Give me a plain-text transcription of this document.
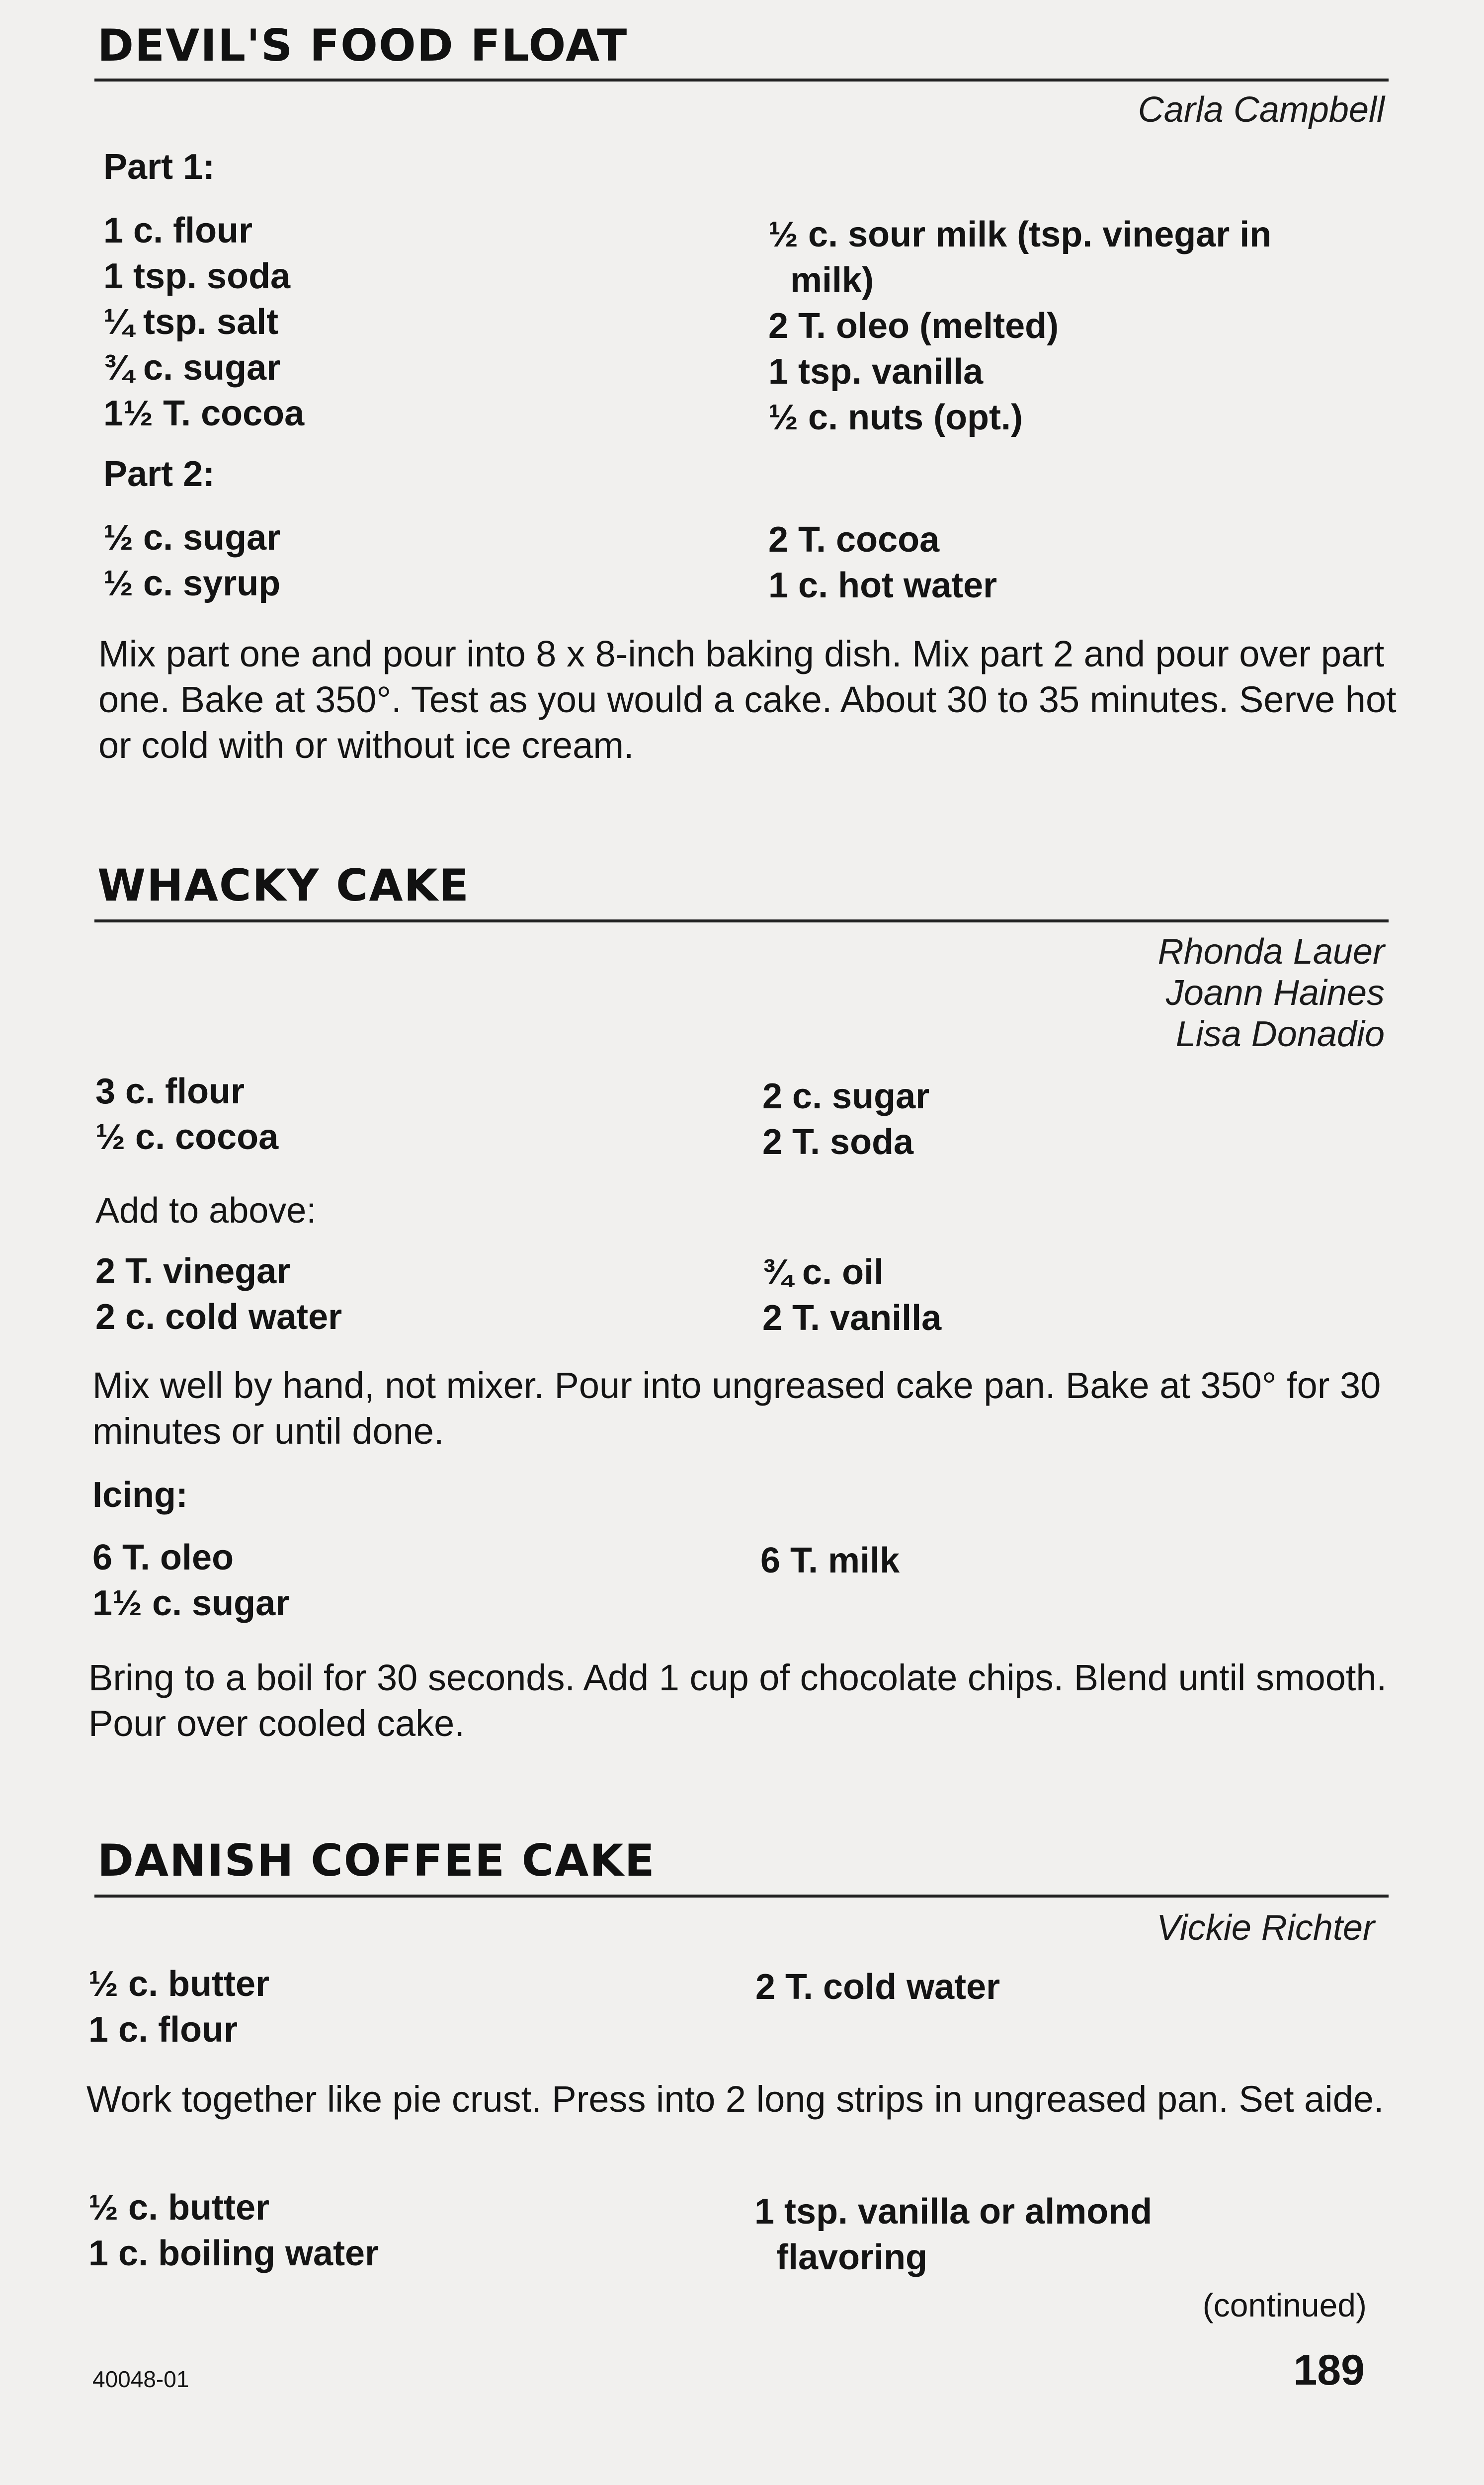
DEVIL'S FOOD FLOAT
Carla Campbell
Part 1:
1 c. flour
1 tsp. soda
¼ tsp. salt
¾ c. sugar
1½ T. cocoa
½ c. sour milk (tsp. vinegar in
milk)
2 T. oleo (melted)
1 tsp. vanilla
½ c. nuts (opt.)
Part 2:
½ c. sugar
½ c. syrup
2 T. cocoa
1 c. hot water
Mix part one and pour into 8 x 8-inch baking dish. Mix part 2 and pour over part one. Bake at 350°. Test as you would a cake. About 30 to 35 minutes. Serve hot or cold with or without ice cream.
WHACKY CAKE
Rhonda Lauer
Joann Haines
Lisa Donadio
3 c. flour
½ c. cocoa
2 c. sugar
2 T. soda
Add to above:
2 T. vinegar
2 c. cold water
¾ c. oil
2 T. vanilla
Mix well by hand, not mixer. Pour into ungreased cake pan. Bake at 350° for 30 minutes or until done.
Icing:
6 T. oleo
1½ c. sugar
6 T. milk
Bring to a boil for 30 seconds. Add 1 cup of chocolate chips. Blend until smooth. Pour over cooled cake.
DANISH COFFEE CAKE
Vickie Richter
½ c. butter
1 c. flour
2 T. cold water
Work together like pie crust. Press into 2 long strips in ungreased pan. Set aide.
½ c. butter
1 c. boiling water
1 tsp. vanilla or almond
flavoring
(continued)
40048-01	189
